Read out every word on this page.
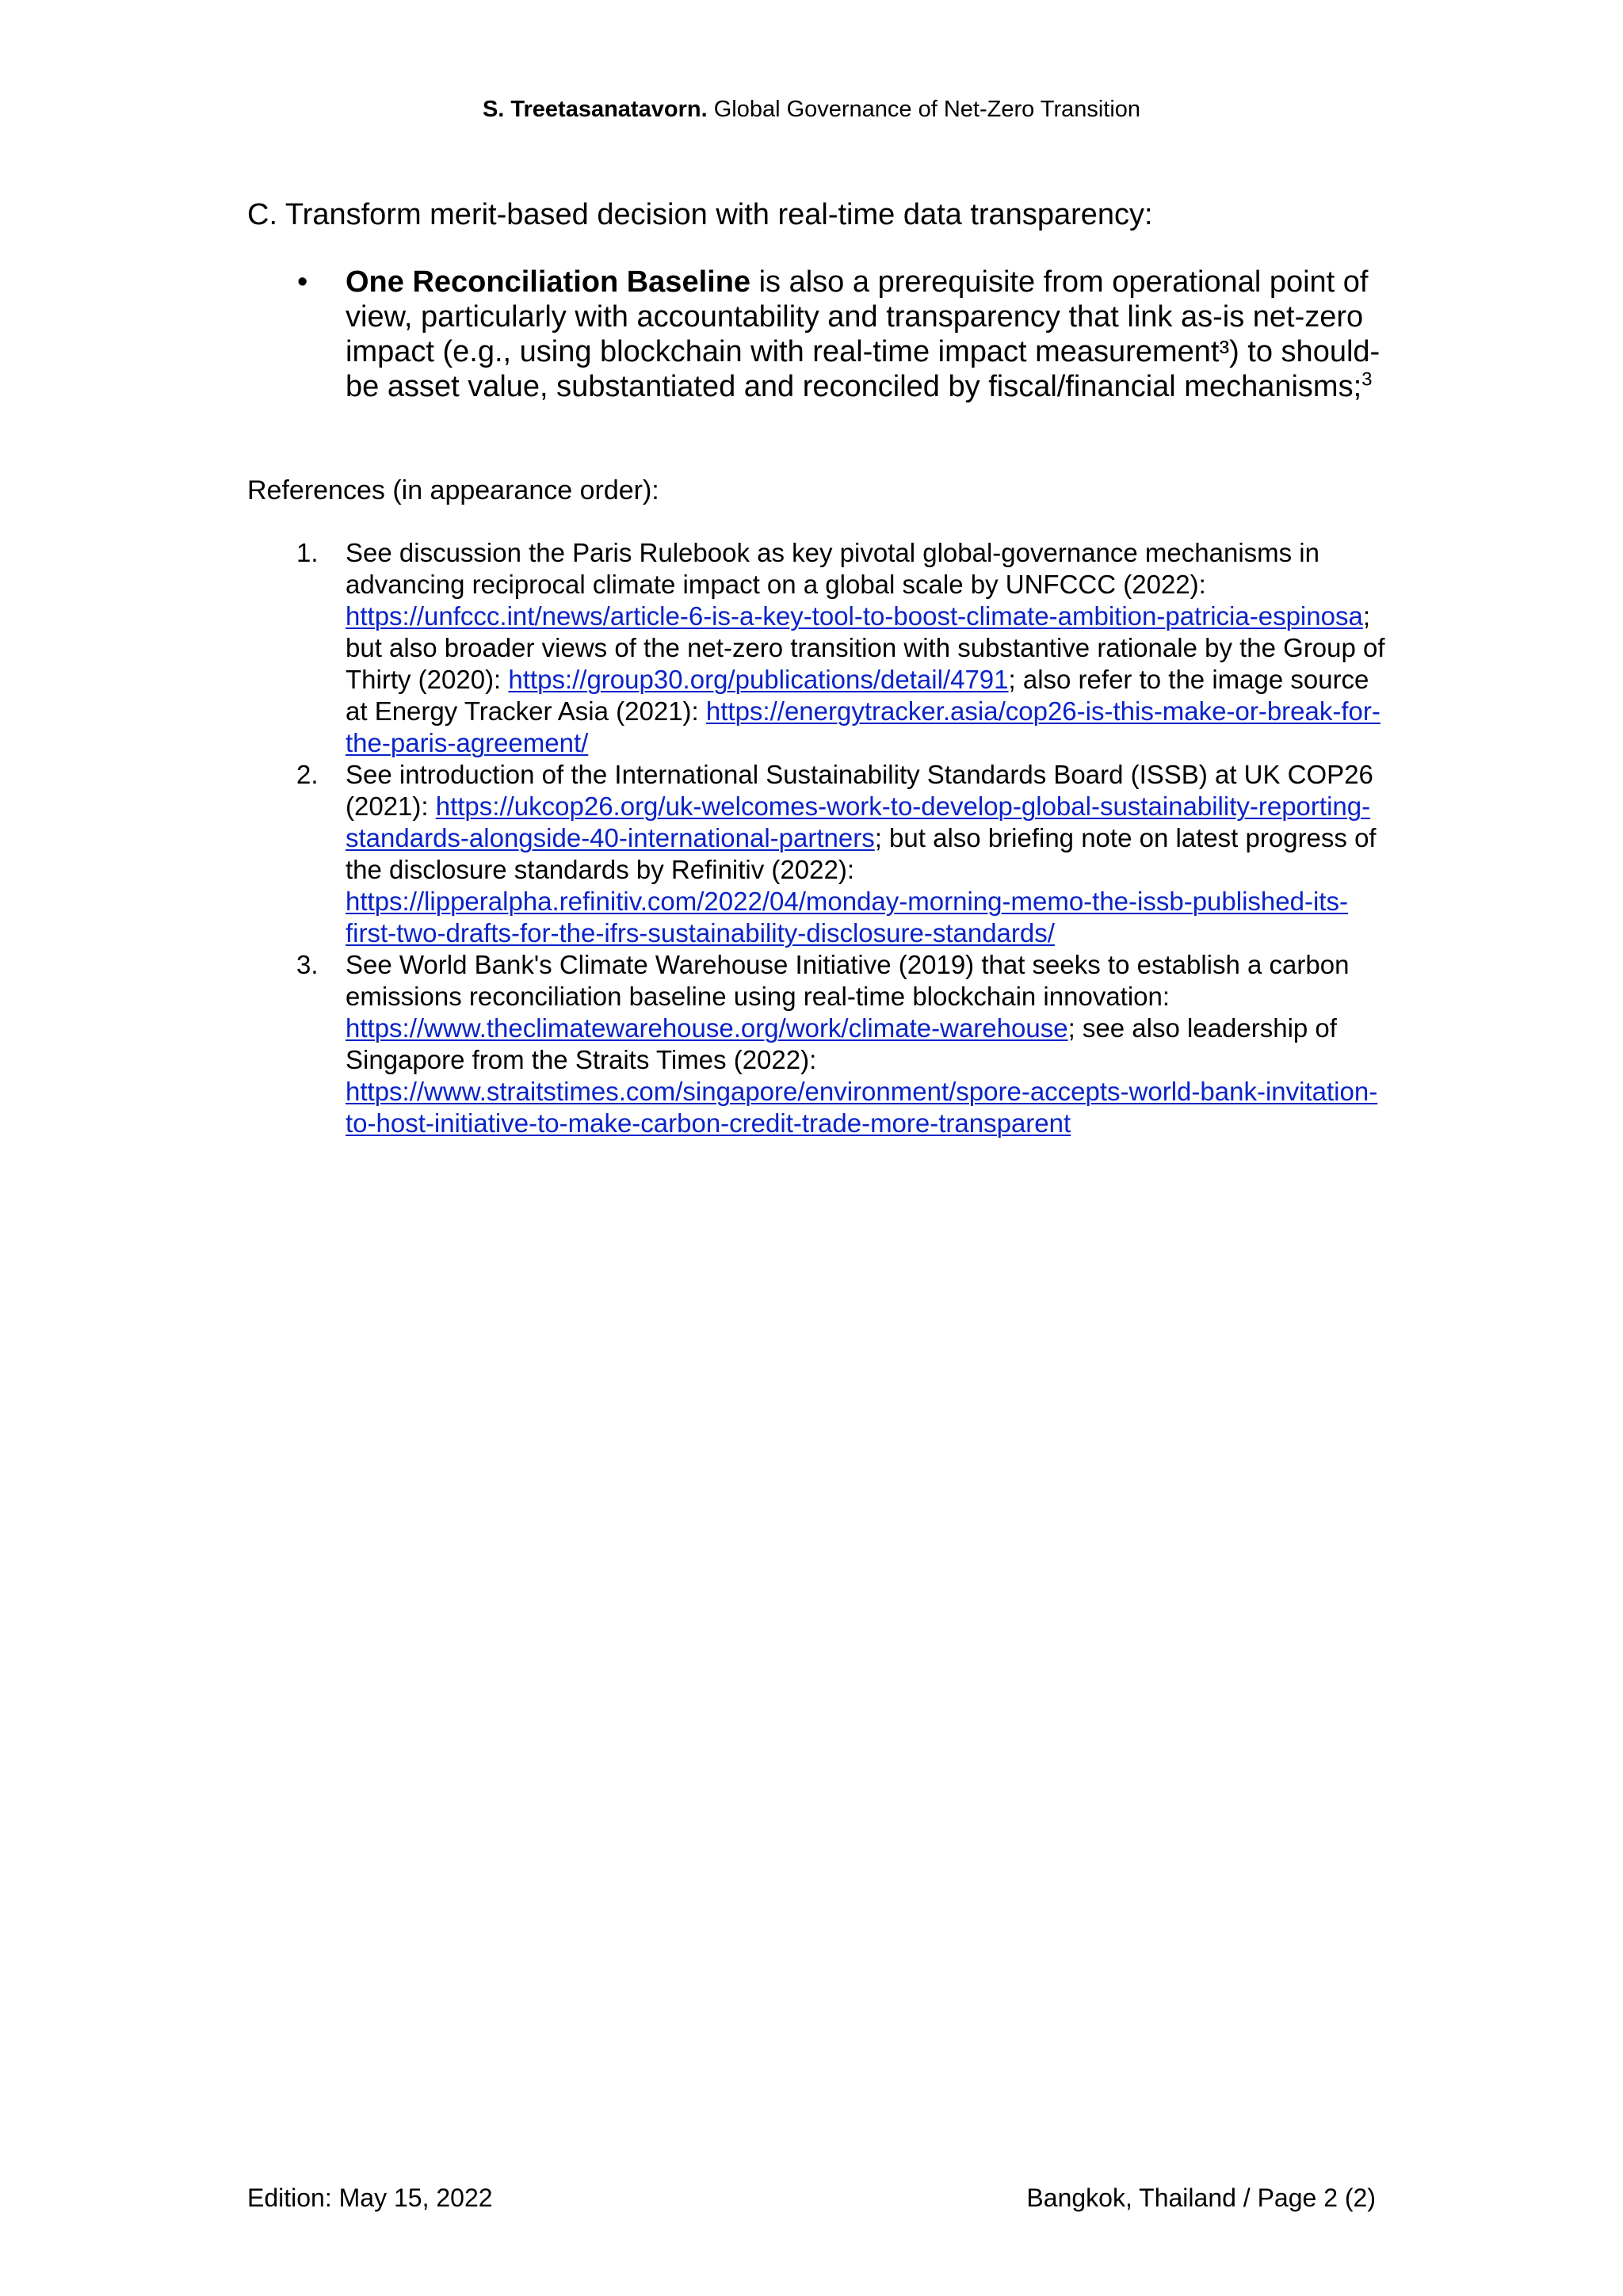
S. Treetasanatavorn. Global Governance of Net-Zero Transition
C. Transform merit-based decision with real-time data transparency:
• One Reconciliation Baseline is also a prerequisite from operational point of view, particularly with accountability and transparency that link as-is net-zero impact (e.g., using blockchain with real-time impact measurement³) to should-be asset value, substantiated and reconciled by fiscal/financial mechanisms;$^3$
References (in appearance order):
1. See discussion the Paris Rulebook as key pivotal global-governance mechanisms in advancing reciprocal climate impact on a global scale by UNFCCC (2022): https://unfccc.int/news/article-6-is-a-key-tool-to-boost-climate-ambition-patricia-espinosa; but also broader views of the net-zero transition with substantive rationale by the Group of Thirty (2020): https://group30.org/publications/detail/4791; also refer to the image source at Energy Tracker Asia (2021): https://energytracker.asia/cop26-is-this-make-or-break-for-the-paris-agreement/
2. See introduction of the International Sustainability Standards Board (ISSB) at UK COP26 (2021): https://ukcop26.org/uk-welcomes-work-to-develop-global-sustainability-reporting-standards-alongside-40-international-partners; but also briefing note on latest progress of the disclosure standards by Refinitiv (2022): https://lipperalpha.refinitiv.com/2022/04/monday-morning-memo-the-issb-published-its-first-two-drafts-for-the-ifrs-sustainability-disclosure-standards/
3. See World Bank's Climate Warehouse Initiative (2019) that seeks to establish a carbon emissions reconciliation baseline using real-time blockchain innovation: https://www.theclimatewarehouse.org/work/climate-warehouse; see also leadership of Singapore from the Straits Times (2022): https://www.straitstimes.com/singapore/environment/spore-accepts-world-bank-invitation-to-host-initiative-to-make-carbon-credit-trade-more-transparent
Edition: May 15, 2022	Bangkok, Thailand / Page 2 (2)
